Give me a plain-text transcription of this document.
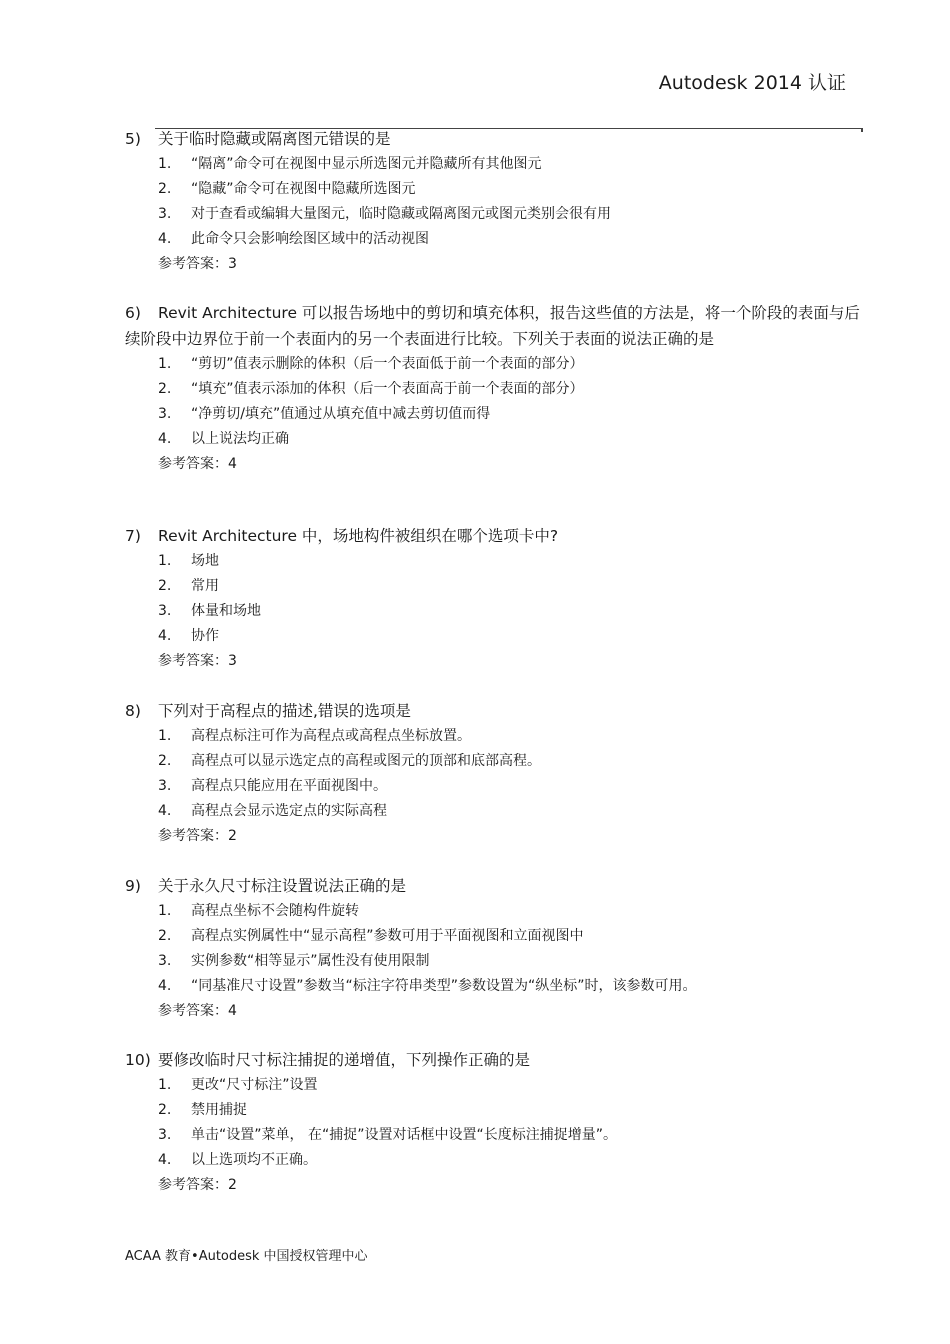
Autodesk 2014 认证

5) 关于临时隐藏或隔离图元错误的是

1.	“隔离”命令可在视图中显示所选图元并隐藏所有其他图元
2.	“隐藏”命令可在视图中隐藏所选图元
3.	对于查看或编辑大量图元，临时隐藏或隔离图元或图元类别会很有用
4.	此命令只会影响绘图区域中的活动视图
参考答案：3

6) Revit Architecture 可以报告场地中的剪切和填充体积，报告这些值的方法是，将一个阶段的表面与后续阶段中边界位于前一个表面内的另一个表面进行比较。下列关于表面的说法正确的是

1.	“剪切”值表示删除的体积（后一个表面低于前一个表面的部分）
2.	“填充”值表示添加的体积（后一个表面高于前一个表面的部分）
3.	“净剪切/填充”值通过从填充值中减去剪切值而得
4.	以上说法均正确
参考答案：4

7) Revit Architecture 中，场地构件被组织在哪个选项卡中?

1.	场地
2.	常用
3.	体量和场地
4.	协作
参考答案：3

8) 下列对于高程点的描述,错误的选项是

1.	高程点标注可作为高程点或高程点坐标放置。
2.	高程点可以显示选定点的高程或图元的顶部和底部高程。
3.	高程点只能应用在平面视图中。
4.	高程点会显示选定点的实际高程
参考答案：2

9) 关于永久尺寸标注设置说法正确的是

1.	高程点坐标不会随构件旋转
2.	高程点实例属性中“显示高程”参数可用于平面视图和立面视图中
3.	实例参数“相等显示”属性没有使用限制
4.	“同基准尺寸设置”参数当“标注字符串类型”参数设置为“纵坐标”时，该参数可用。
参考答案：4

10) 要修改临时尺寸标注捕捉的递增值，下列操作正确的是

1.	更改“尺寸标注”设置
2.	禁用捕捉
3.	单击“设置”菜单， 在“捕捉”设置对话框中设置“长度标注捕捉增量”。
4.	以上选项均不正确。
参考答案：2
ACAA 教育•Autodesk 中国授权管理中心
